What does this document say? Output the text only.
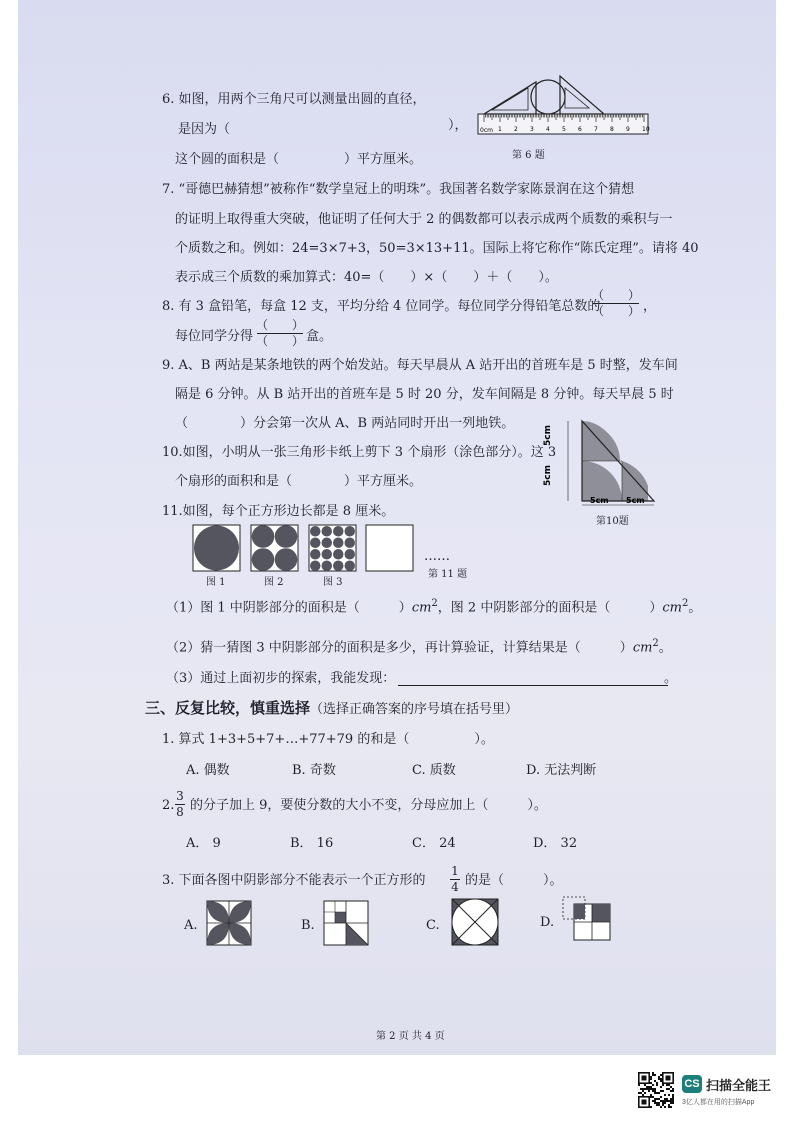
6. 如图，用两个三角尺可以测量出圆的直径，
是因为（	），
这个圆的面积是（　　　　　）平方厘米。
0cm 1 2 3 4 5 6 7 8 9 10
第 6 题
7. “哥德巴赫猜想”被称作“数学皇冠上的明珠”。我国著名数学家陈景润在这个猜想
的证明上取得重大突破，他证明了任何大于 2 的偶数都可以表示成两个质数的乘积与一
个质数之和。例如：24=3×7+3，50=3×13+11。国际上将它称作“陈氏定理”。请将 40
表示成三个质数的乘加算式：40=（　　）×（　　）＋（　　）。
8. 有 3 盒铅笔，每盒 12 支，平均分给 4 位同学。每位同学分得铅笔总数的
（　　）
（　　） ，
每位同学分得
（　　）
（　　） 盒。
9. A、B 两站是某条地铁的两个始发站。每天早晨从 A 站开出的首班车是 5 时整，发车间
隔是 6 分钟。从 B 站开出的首班车是 5 时 20 分，发车间隔是 8 分钟。每天早晨 5 时
（　　　　）分会第一次从 A、B 两站同时开出一列地铁。
10.如图，小明从一张三角形卡纸上剪下 3 个扇形（涂色部分）。这 3
个扇形的面积和是（　　　　）平方厘米。
5cm
5cm
5cm 5cm
第10题
11.如图，每个正方形边长都是 8 厘米。
……
图 1	图 2	图 3
第 11 题
（1）图 1 中阴影部分的面积是（　　　）$cm^2$，图 2 中阴影部分的面积是（　　　）$cm^2$。
（2）猜一猜图 3 中阴影部分的面积是多少，再计算验证，计算结果是（　　　）$cm^2$。
（3）通过上面初步的探索，我能发现：	。
三、反复比较，慎重选择（选择正确答案的序号填在括号里）
1. 算式 1+3+5+7+…+77+79 的和是（　　　　　）。
A. 偶数	B. 奇数	C. 质数	D. 无法判断
2.
3
8 的分子加上 9，要使分数的大小不变，分母应加上（　　　）。
A． 9	B． 16	C． 24	D． 32
3. 下面各图中阴影部分不能表示一个正方形的
1
4 的是（　　　）。
A.	B.	C.	D.
第 2 页 共 4 页
CS 扫描全能王
3亿人都在用的扫描App
